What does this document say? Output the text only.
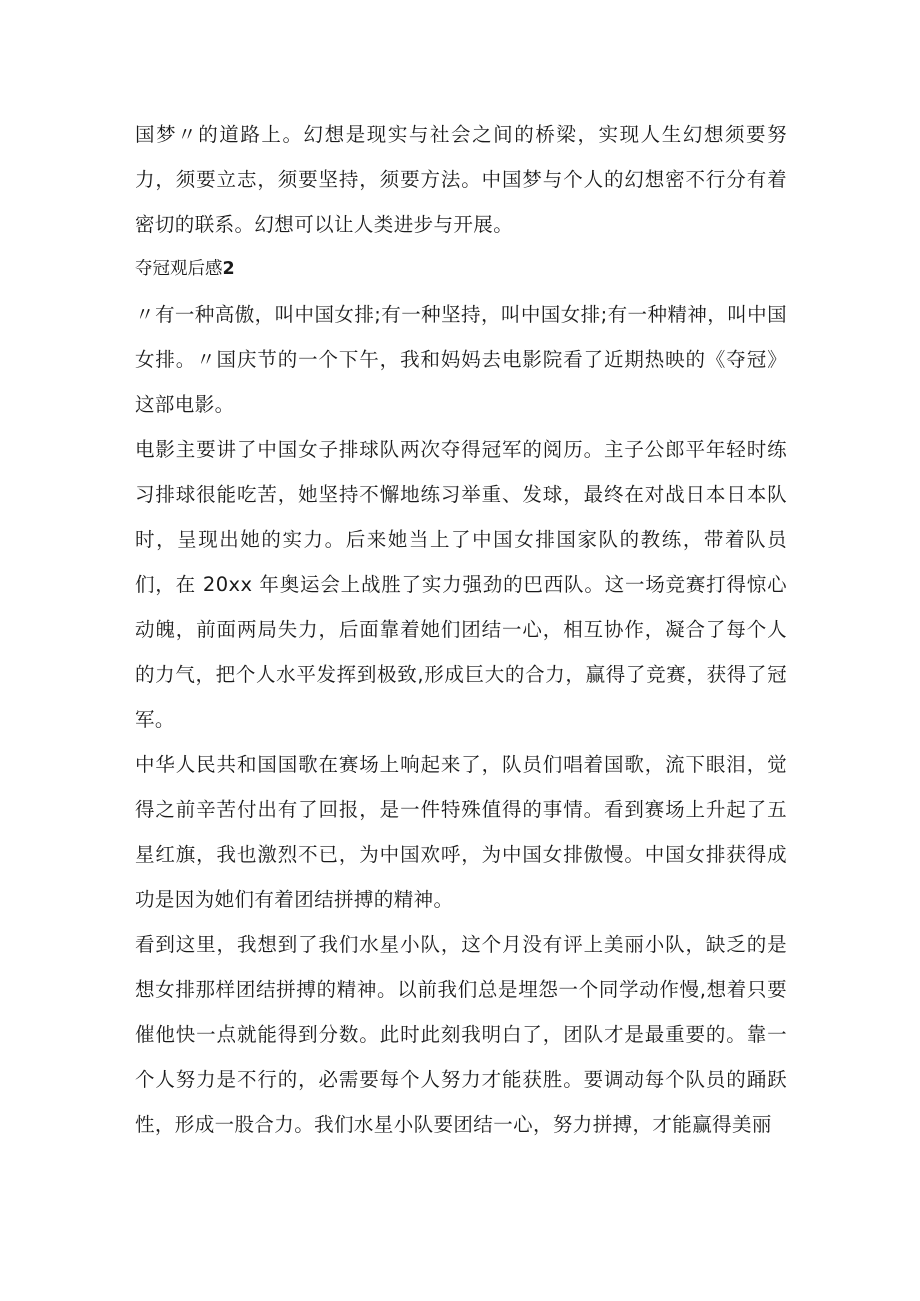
国梦〃的道路上。幻想是现实与社会之间的桥梁，实现人生幻想须要努力，须要立志，须要坚持，须要方法。中国梦与个人的幻想密不行分有着密切的联系。幻想可以让人类进步与开展。

夺冠观后感2

〃有一种高傲，叫中国女排;有一种坚持，叫中国女排;有一种精神，叫中国女排。〃国庆节的一个下午，我和妈妈去电影院看了近期热映的《夺冠》这部电影。

电影主要讲了中国女子排球队两次夺得冠军的阅历。主子公郎平年轻时练习排球很能吃苦，她坚持不懈地练习举重、发球，最终在对战日本日本队时，呈现出她的实力。后来她当上了中国女排国家队的教练，带着队员们，在 20xx 年奥运会上战胜了实力强劲的巴西队。这一场竞赛打得惊心动魄，前面两局失力，后面靠着她们团结一心，相互协作，凝合了每个人的力气，把个人水平发挥到极致,形成巨大的合力，赢得了竞赛，获得了冠军。

中华人民共和国国歌在赛场上响起来了，队员们唱着国歌，流下眼泪，觉得之前辛苦付出有了回报，是一件特殊值得的事情。看到赛场上升起了五星红旗，我也激烈不已，为中国欢呼，为中国女排傲慢。中国女排获得成功是因为她们有着团结拼搏的精神。

看到这里，我想到了我们水星小队，这个月没有评上美丽小队，缺乏的是想女排那样团结拼搏的精神。以前我们总是埋怨一个同学动作慢,想着只要催他快一点就能得到分数。此时此刻我明白了，团队才是最重要的。靠一个人努力是不行的，必需要每个人努力才能获胜。要调动每个队员的踊跃性，形成一股合力。我们水星小队要团结一心，努力拼搏，才能赢得美丽
